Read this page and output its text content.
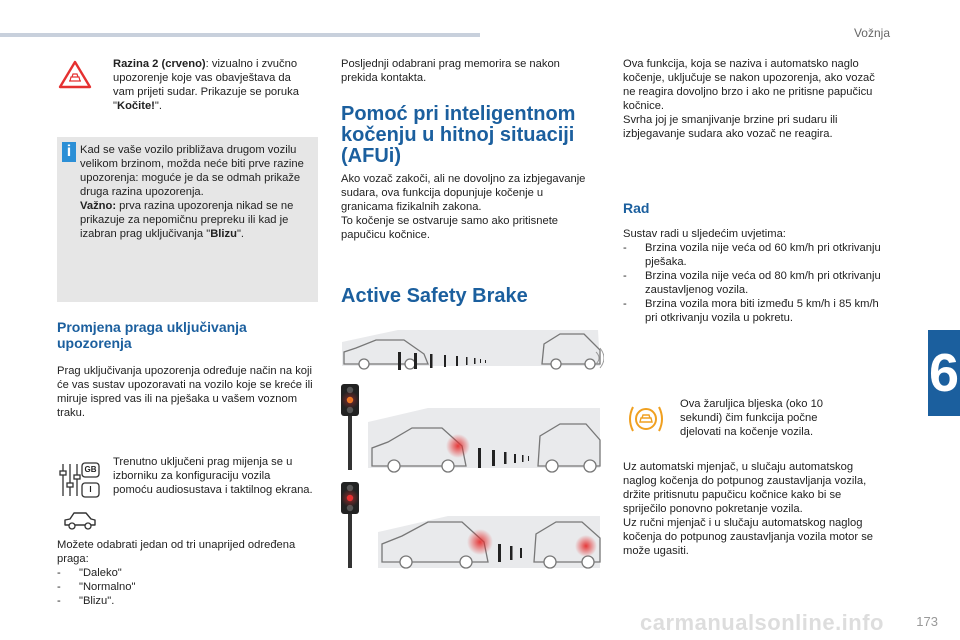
Vožnja
6

Razina 2 (crveno): vizualno i zvučno upozorenje koje vas obavještava da vam prijeti sudar. Prikazuje se poruka "Kočite!".

i Kad se vaše vozilo približava drugom vozilu velikom brzinom, možda neće biti prve razine upozorenja: moguće je da se odmah prikaže druga razina upozorenja.
Važno: prva razina upozorenja nikad se ne prikazuje za nepomičnu prepreku ili kad je izabran prag uključivanja "Blizu".

Promjena praga uključivanja upozorenja

Prag uključivanja upozorenja određuje način na koji će vas sustav upozoravati na vozilo koje se kreće ili miruje ispred vas ili na pješaka u vašem voznom traku.

GB
I

Trenutno uključeni prag mijenja se u izborniku za konfiguraciju vozila pomoću audiosustava i taktilnog ekrana.

Možete odabrati jedan od tri unaprijed određena praga:

- "Daleko"
- "Normalno"
- "Blizu".

Posljednji odabrani prag memorira se nakon prekida kontakta.

Pomoć pri inteligentnom kočenju u hitnoj situaciji (AFUi)

Ako vozač zakoči, ali ne dovoljno za izbjegavanje sudara, ova funkcija dopunjuje kočenje u granicama fizikalnih zakona.

To kočenje se ostvaruje samo ako pritisnete papučicu kočnice.

Active Safety Brake

Ova funkcija, koja se naziva i automatsko naglo kočenje, uključuje se nakon upozorenja, ako vozač ne reagira dovoljno brzo i ako ne pritisne papučicu kočnice.

Svrha joj je smanjivanje brzine pri sudaru ili izbjegavanje sudara ako vozač ne reagira.

Rad

Sustav radi u sljedećim uvjetima:

- Brzina vozila nije veća od 60 km/h pri otkrivanju pješaka.
- Brzina vozila nije veća od 80 km/h pri otkrivanju zaustavljenog vozila.
- Brzina vozila mora biti između 5 km/h i 85 km/h pri otkrivanju vozila u pokretu.

Ova žaruljica bljeska (oko 10 sekundi) čim funkcija počne djelovati na kočenje vozila.

Uz automatski mjenjač, u slučaju automatskog naglog kočenja do potpunog zaustavljanja vozila, držite pritisnutu papučicu kočnice kako bi se spriječilo ponovno pokretanje vozila.

Uz ručni mjenjač i u slučaju automatskog naglog kočenja do potpunog zaustavljanja vozila motor se može ugasiti.

carmanualsonline.info 173
